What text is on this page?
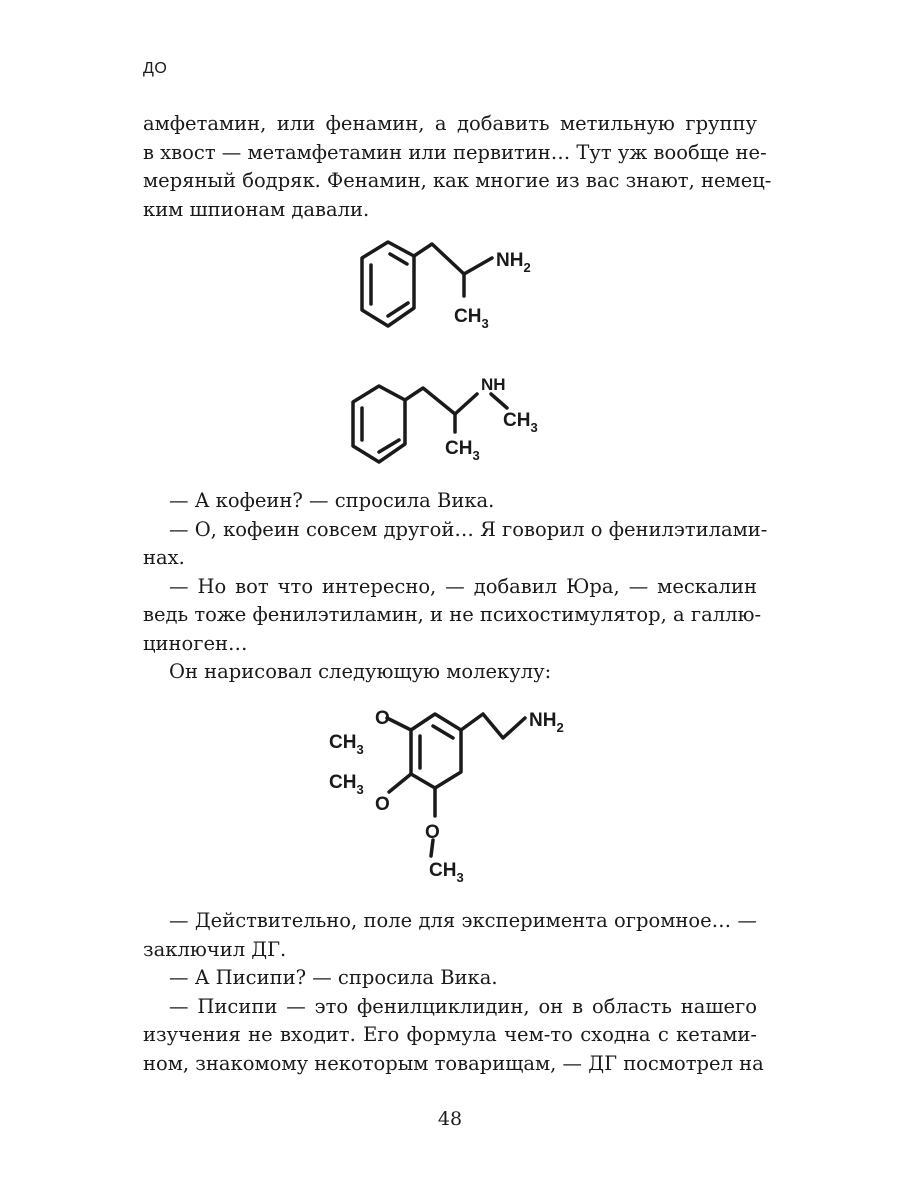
ДО
амфетамин, или фенамин, а добавить метильную группу
в хвост — метамфетамин или первитин… Тут уж вообще не-
меряный бодряк. Фенамин, как многие из вас знают, немец-
ким шпионам давали.
$NH_2$
$CH_3$
NH
$CH_3$
$CH_3$
— А кофеин? — спросила Вика.
— О, кофеин совсем другой… Я говорил о фенилэтилами-
нах.
— Но вот что интересно, — добавил Юра, — мескалин
ведь тоже фенилэтиламин, и не психостимулятор, а галлю-
циноген…
Он нарисовал следующую молекулу:
O
O
O
$NH_2$
$CH_3$
$CH_3$
$CH_3$
— Действительно, поле для эксперимента огромное… —
заключил ДГ.
— А Писипи? — спросила Вика.
— Писипи — это фенилциклидин, он в область нашего
изучения не входит. Его формула чем-то сходна с кетами-
ном, знакомому некоторым товарищам, — ДГ посмотрел на
48
